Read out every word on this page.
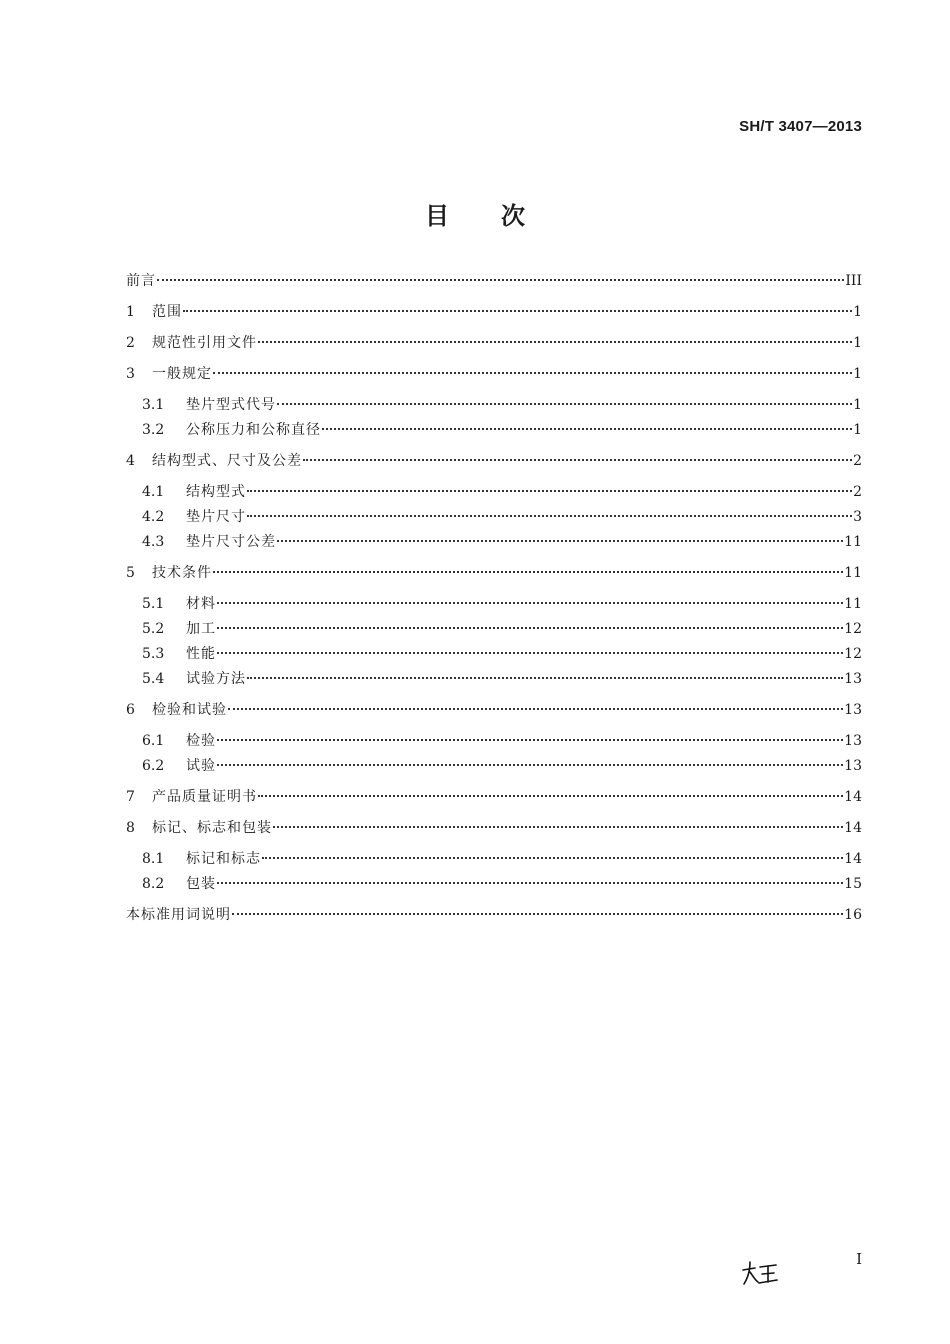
SH/T 3407—2013
目 次
前言	III
1	范围	1
2	规范性引用文件	1
3	一般规定	1
3.1	垫片型式代号	1
3.2	公称压力和公称直径	1
4	结构型式、尺寸及公差	2
4.1	结构型式	2
4.2	垫片尺寸	3
4.3	垫片尺寸公差	11
5	技术条件	11
5.1	材料	11
5.2	加工	12
5.3	性能	12
5.4	试验方法	13
6	检验和试验	13
6.1	检验	13
6.2	试验	13
7	产品质量证明书	14
8	标记、标志和包装	14
8.1	标记和标志	14
8.2	包装	15
本标准用词说明	16
I
